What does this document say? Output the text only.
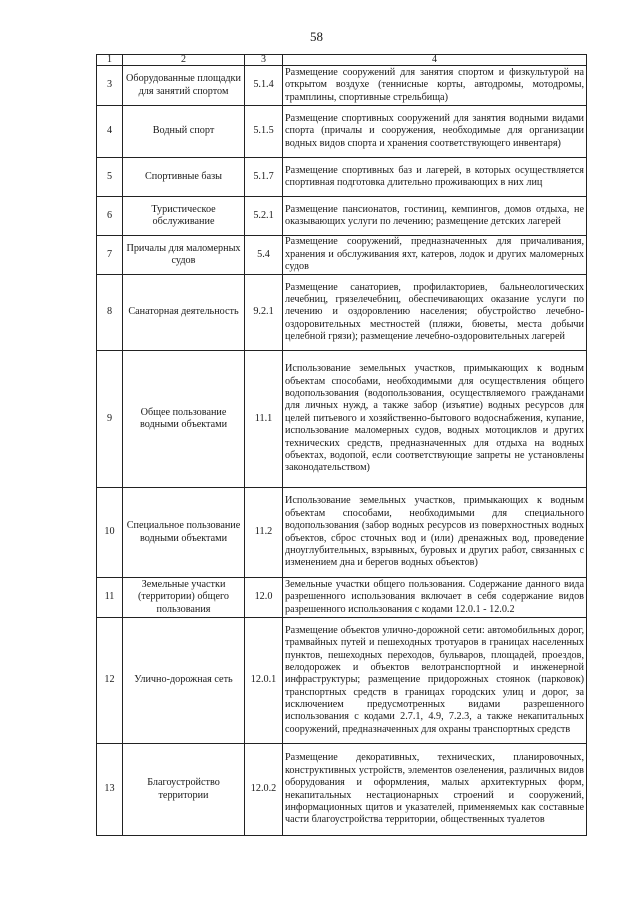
58
1	2	3	4
3	Оборудованные площадки для занятий спортом	5.1.4	Размещение сооружений для занятия спортом и физкультурой на открытом воздухе (теннисные корты, автодромы, мотодромы, трамплины, спортивные стрельбища)
4	Водный спорт	5.1.5	Размещение спортивных сооружений для занятия водными видами спорта (причалы и сооружения, необходимые для организации водных видов спорта и хранения соответствующего инвентаря)
5	Спортивные базы	5.1.7	Размещение спортивных баз и лагерей, в которых осуществляется спортивная подготовка длительно проживающих в них лиц
6	Туристическое обслуживание	5.2.1	Размещение пансионатов, гостиниц, кемпингов, домов отдыха, не оказывающих услуги по лечению; размещение детских лагерей
7	Причалы для маломерных судов	5.4	Размещение сооружений, предназначенных для причаливания, хранения и обслуживания яхт, катеров, лодок и других маломерных судов
8	Санаторная деятельность	9.2.1	Размещение санаториев, профилакториев, бальнеологических лечебниц, грязелечебниц, обеспечивающих оказание услуги по лечению и оздоровлению населения; обустройство лечебно-оздоровительных местностей (пляжи, бюветы, места добычи целебной грязи); размещение лечебно-оздоровительных лагерей
9	Общее пользование водными объектами	11.1	Использование земельных участков, примыкающих к водным объектам способами, необходимыми для осуществления общего водопользования (водопользования, осуществляемого гражданами для личных нужд, а также забор (изъятие) водных ресурсов для целей питьевого и хозяйственно-бытового водоснабжения, купание, использование маломерных судов, водных мотоциклов и других технических средств, предназначенных для отдыха на водных объектах, водопой, если соответствующие запреты не установлены законодательством)
10	Специальное пользование водными объектами	11.2	Использование земельных участков, примыкающих к водным объектам способами, необходимыми для специального водопользования (забор водных ресурсов из поверхностных водных объектов, сброс сточных вод и (или) дренажных вод, проведение дноуглубительных, взрывных, буровых и других работ, связанных с изменением дна и берегов водных объектов)
11	Земельные участки (территории) общего пользования	12.0	Земельные участки общего пользования. Содержание данного вида разрешенного использования включает в себя содержание видов разрешенного использования с кодами 12.0.1 - 12.0.2
12	Улично-дорожная сеть	12.0.1	Размещение объектов улично-дорожной сети: автомобильных дорог, трамвайных путей и пешеходных тротуаров в границах населенных пунктов, пешеходных переходов, бульваров, площадей, проездов, велодорожек и объектов велотранспортной и инженерной инфраструктуры; размещение придорожных стоянок (парковок) транспортных средств в границах городских улиц и дорог, за исключением предусмотренных видами разрешенного использования с кодами 2.7.1, 4.9, 7.2.3, а также некапитальных сооружений, предназначенных для охраны транспортных средств
13	Благоустройство территории	12.0.2	Размещение декоративных, технических, планировочных, конструктивных устройств, элементов озеленения, различных видов оборудования и оформления, малых архитектурных форм, некапитальных нестационарных строений и сооружений, информационных щитов и указателей, применяемых как составные части благоустройства территории, общественных туалетов
